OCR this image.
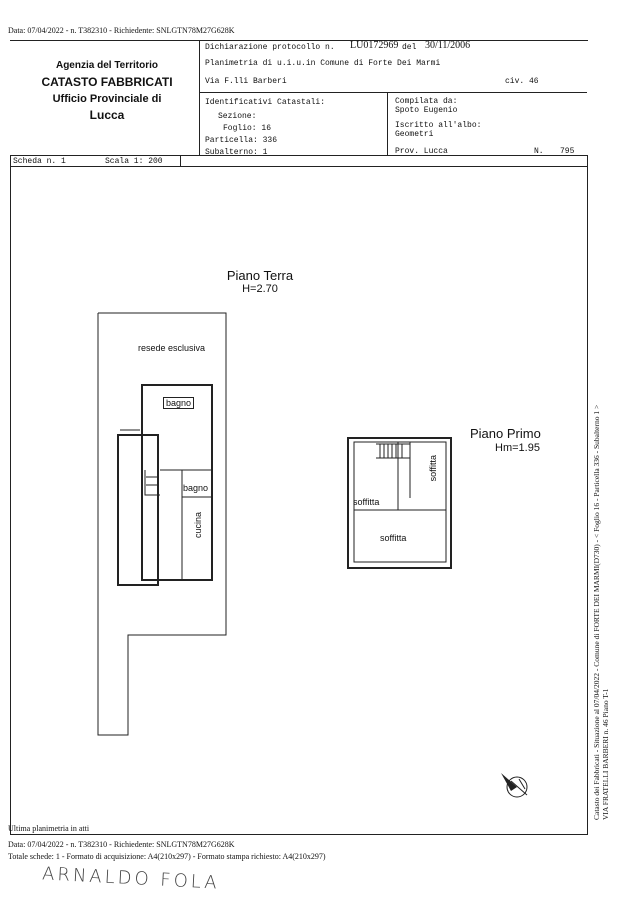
Data: 07/04/2022 - n. T382310 - Richiedente: SNLGTN78M27G628K
Agenzia del Territorio
CATASTO FABBRICATI
Ufficio Provinciale di
Lucca
Dichiarazione protocollo n. LU0172969 del 30/11/2006
Planimetria di u.i.u.in Comune di Forte Dei Marmi
Via F.lli Barberi	civ. 46
Identificativi Catastali:
Sezione:
Foglio: 16
Particella: 336
Subalterno: 1
Compilata da:
Spoto Eugenio
Iscritto all'albo:
Geometri
Prov. Lucca	N. 795
Scheda n. 1	Scala 1: 200
Piano Terra
H=2.70
resede esclusiva
bagno
bagno
cucina
Piano Primo
Hm=1.95
soffitta
soffitta
soffitta	Catasto dei Fabbricati - Situazione al 07/04/2022 - Comune di FORTE DEI MARMI(D730) - < Foglio 16 - Particella 336 - Subalterno 1 > VIA FRATELLI BARBERI n. 46 Piano T-1
Ultima planimetria in atti
Data: 07/04/2022 - n. T382310 - Richiedente: SNLGTN78M27G628K
Totale schede: 1 - Formato di acquisizione: A4(210x297) - Formato stampa richiesto: A4(210x297)
ARNALDO FOLA
